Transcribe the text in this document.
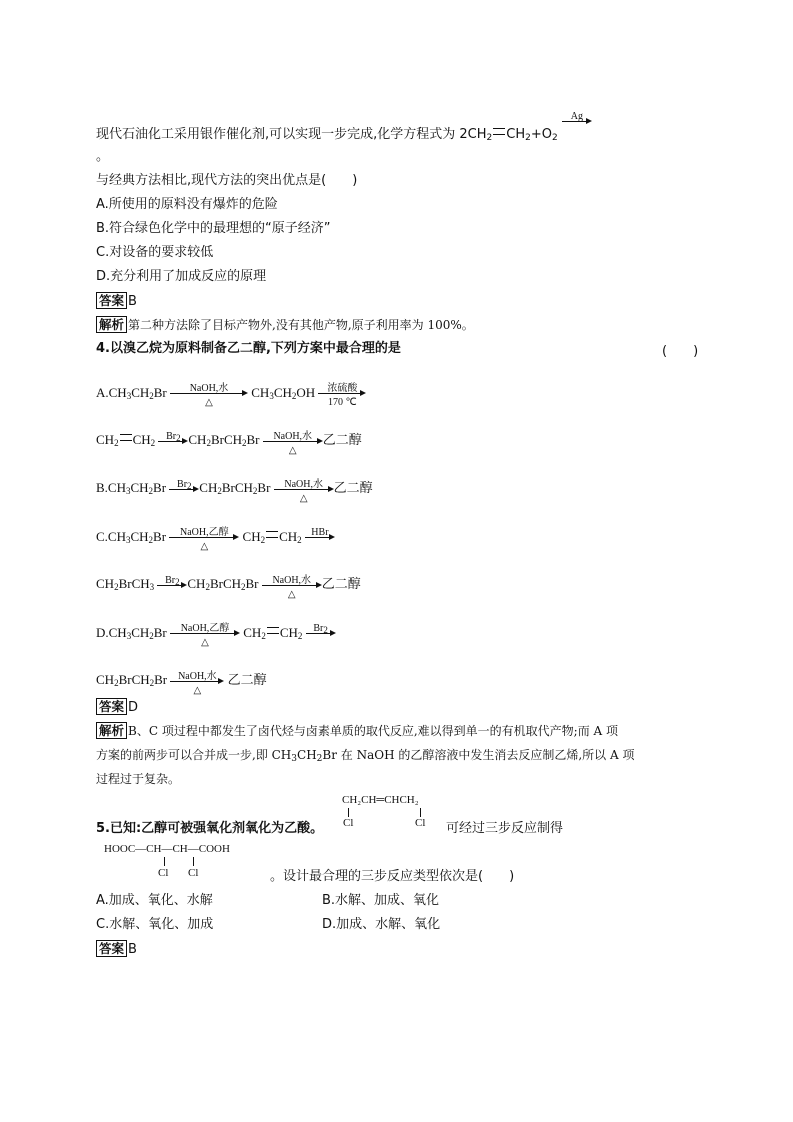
现代石油化工采用银作催化剂,可以实现一步完成,化学方程式为 $2CH_2$ $CH_2+O_2$
Ag
。
与经典方法相比,现代方法的突出优点是(　　)
A.所使用的原料没有爆炸的危险
B.符合绿色化学中的最理想的“原子经济”
C.对设备的要求较低
D.充分利用了加成反应的原理
答案 B
解析 第二种方法除了目标产物外,没有其他产物,原子利用率为 100%。
4.以溴乙烷为原料制备乙二醇,下列方案中最合理的是	(　　)
$A.CH_3CH_2Br$	NaOH,水
△
$CH_3CH_2OH$ 浓硫酸
170 ℃
$CH_2$ $CH_2$
$Br_2$ $CH_2BrCH_2Br$	NaOH,水
△
乙二醇
$B.CH_3CH_2Br$ $Br_2$ $CH_2BrCH_2Br$	NaOH,水
△
乙二醇
$C.CH_3CH_2Br$	NaOH,乙醇
△
$CH_2$ $CH_2$
HBr
$CH_2BrCH_3$
$Br_2$ $CH_2BrCH_2Br$	NaOH,水
△
乙二醇
$D.CH_3CH_2Br$	NaOH,乙醇
△
$CH_2$ $CH_2$
$Br_2$
$CH_2BrCH_2Br$ NaOH,水
△
乙二醇
答案 D
解析 B、C 项过程中都发生了卤代烃与卤素单质的取代反应,难以得到单一的有机取代产物;而 A 项
方案的前两步可以合并成一步,即 $CH_3CH_2Br$ 在 NaOH 的乙醇溶液中发生消去反应制乙烯,所以 A 项
过程过于复杂。
CH₂CH═CHCH₂
Cl	Cl
5.已知:乙醇可被强氧化剂氧化为乙酸。	可经过三步反应制得
HOOC—CH—CH—COOH
Cl Cl	。设计最合理的三步反应类型依次是(　　)
A.加成、氧化、水解	B.水解、加成、氧化
C.水解、氧化、加成	D.加成、水解、氧化
答案 B
